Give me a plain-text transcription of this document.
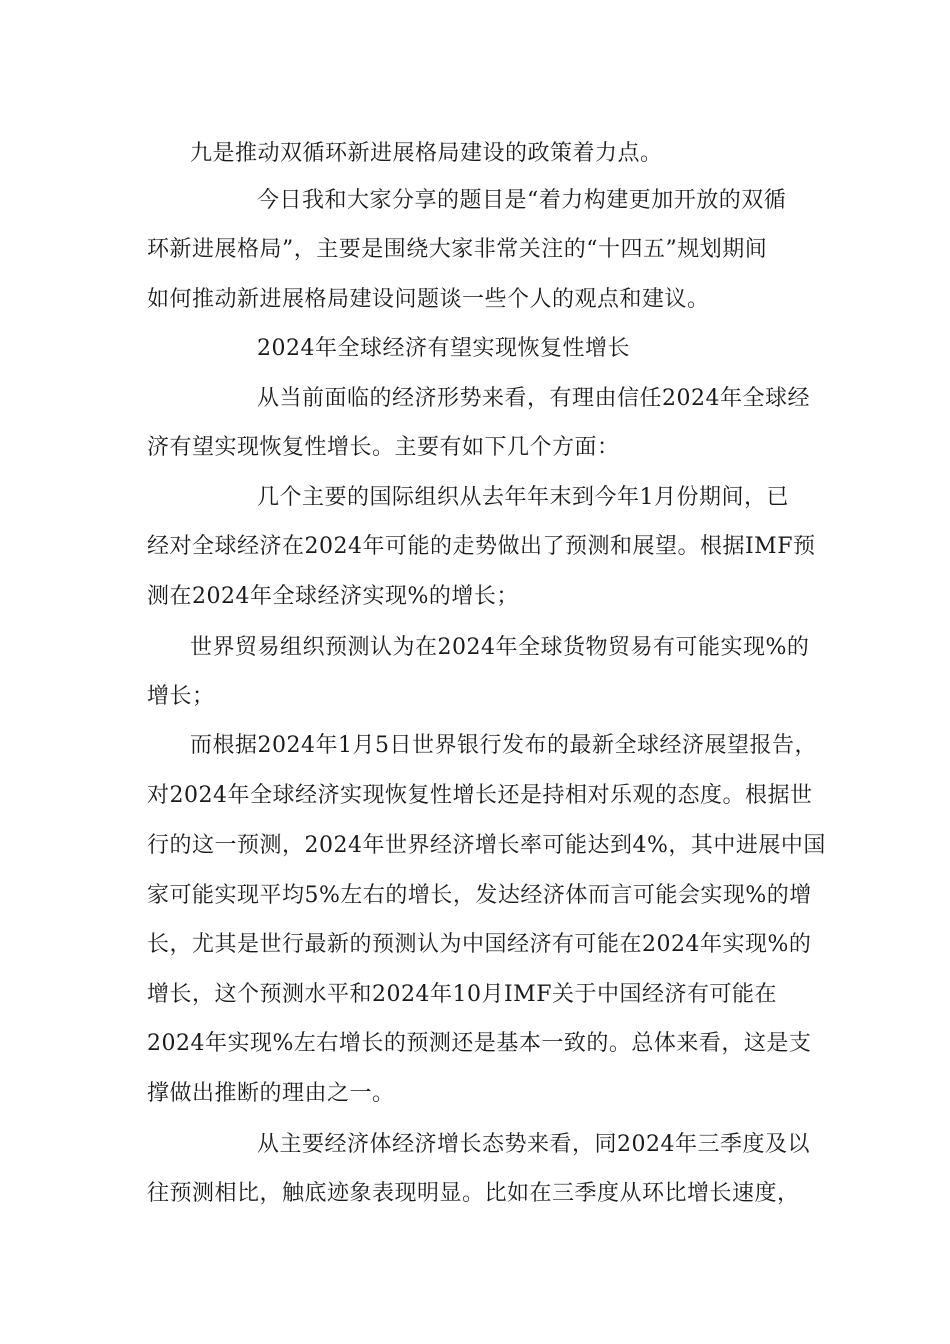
九是推动双循环新进展格局建设的政策着力点。
今日我和大家分享的题目是“着力构建更加开放的双循
环新进展格局”，主要是围绕大家非常关注的“十四五”规划期间
如何推动新进展格局建设问题谈一些个人的观点和建议。
2024年全球经济有望实现恢复性增长
从当前面临的经济形势来看，有理由信任2024年全球经
济有望实现恢复性增长。主要有如下几个方面：
几个主要的国际组织从去年年末到今年1月份期间，已
经对全球经济在2024年可能的走势做出了预测和展望。根据IMF预
测在2024年全球经济实现%的增长；
世界贸易组织预测认为在2024年全球货物贸易有可能实现%的
增长；
而根据2024年1月5日世界银行发布的最新全球经济展望报告，
对2024年全球经济实现恢复性增长还是持相对乐观的态度。根据世
行的这一预测，2024年世界经济增长率可能达到4%，其中进展中国
家可能实现平均5%左右的增长，发达经济体而言可能会实现%的增
长，尤其是世行最新的预测认为中国经济有可能在2024年实现%的
增长，这个预测水平和2024年10月IMF关于中国经济有可能在
2024年实现%左右增长的预测还是基本一致的。总体来看，这是支
撑做出推断的理由之一。
从主要经济体经济增长态势来看，同2024年三季度及以
往预测相比，触底迹象表现明显。比如在三季度从环比增长速度，
